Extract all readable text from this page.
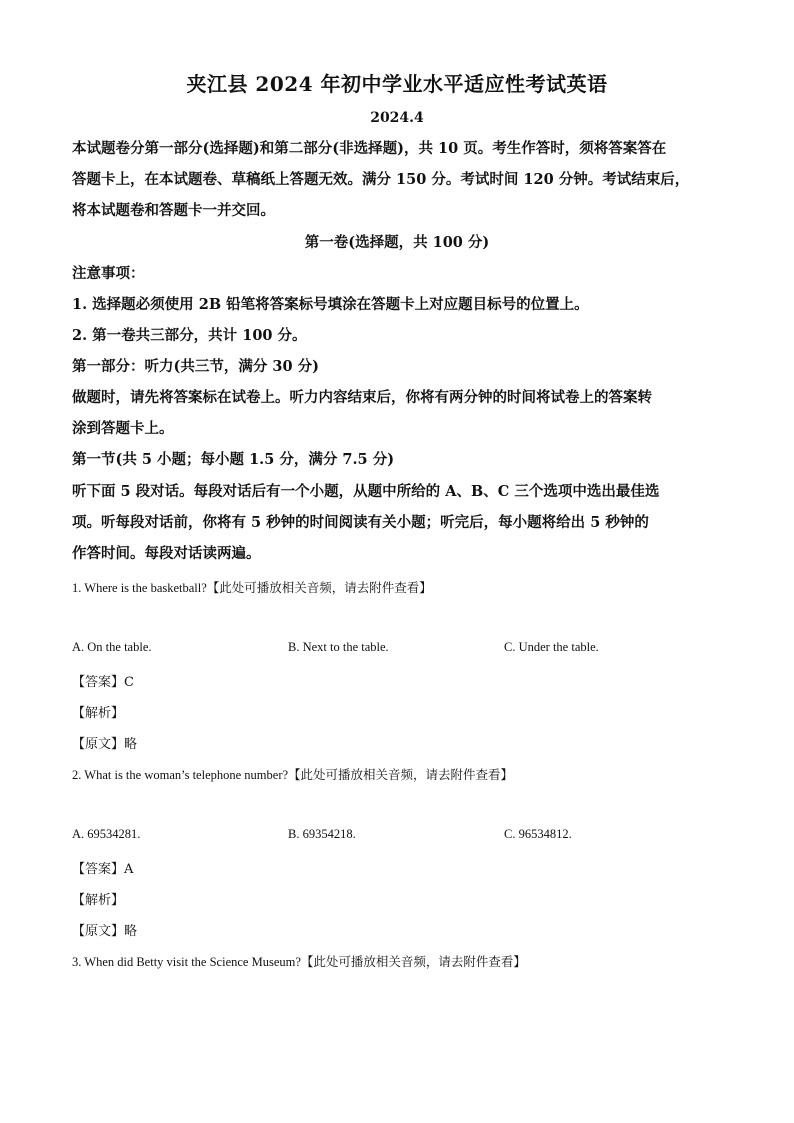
夹江县 2024 年初中学业水平适应性考试英语
2024.4
本试题卷分第一部分(选择题)和第二部分(非选择题)，共 10 页。考生作答时，须将答案答在
答题卡上，在本试题卷、草稿纸上答题无效。满分 150 分。考试时间 120 分钟。考试结束后，
将本试题卷和答题卡一并交回。
第一卷(选择题，共 100 分)
注意事项：
1. 选择题必须使用 2B 铅笔将答案标号填涂在答题卡上对应题目标号的位置上。
2. 第一卷共三部分，共计 100 分。
第一部分：听力(共三节，满分 30 分)
做题时，请先将答案标在试卷上。听力内容结束后，你将有两分钟的时间将试卷上的答案转
涂到答题卡上。
第一节(共 5 小题；每小题 1.5 分，满分 7.5 分)
听下面 5 段对话。每段对话后有一个小题，从题中所给的 A、B、C 三个选项中选出最佳选
项。听每段对话前，你将有 5 秒钟的时间阅读有关小题；听完后，每小题将给出 5 秒钟的
作答时间。每段对话读两遍。
1. Where is the basketball?【此处可播放相关音频，请去附件查看】
A. On the table.	B. Next to the table.	C. Under the table.
【答案】C
【解析】
【原文】略
2. What is the woman’s telephone number?【此处可播放相关音频，请去附件查看】
A. 69534281.	B. 69354218.	C. 96534812.
【答案】A
【解析】
【原文】略
3. When did Betty visit the Science Museum?【此处可播放相关音频，请去附件查看】
